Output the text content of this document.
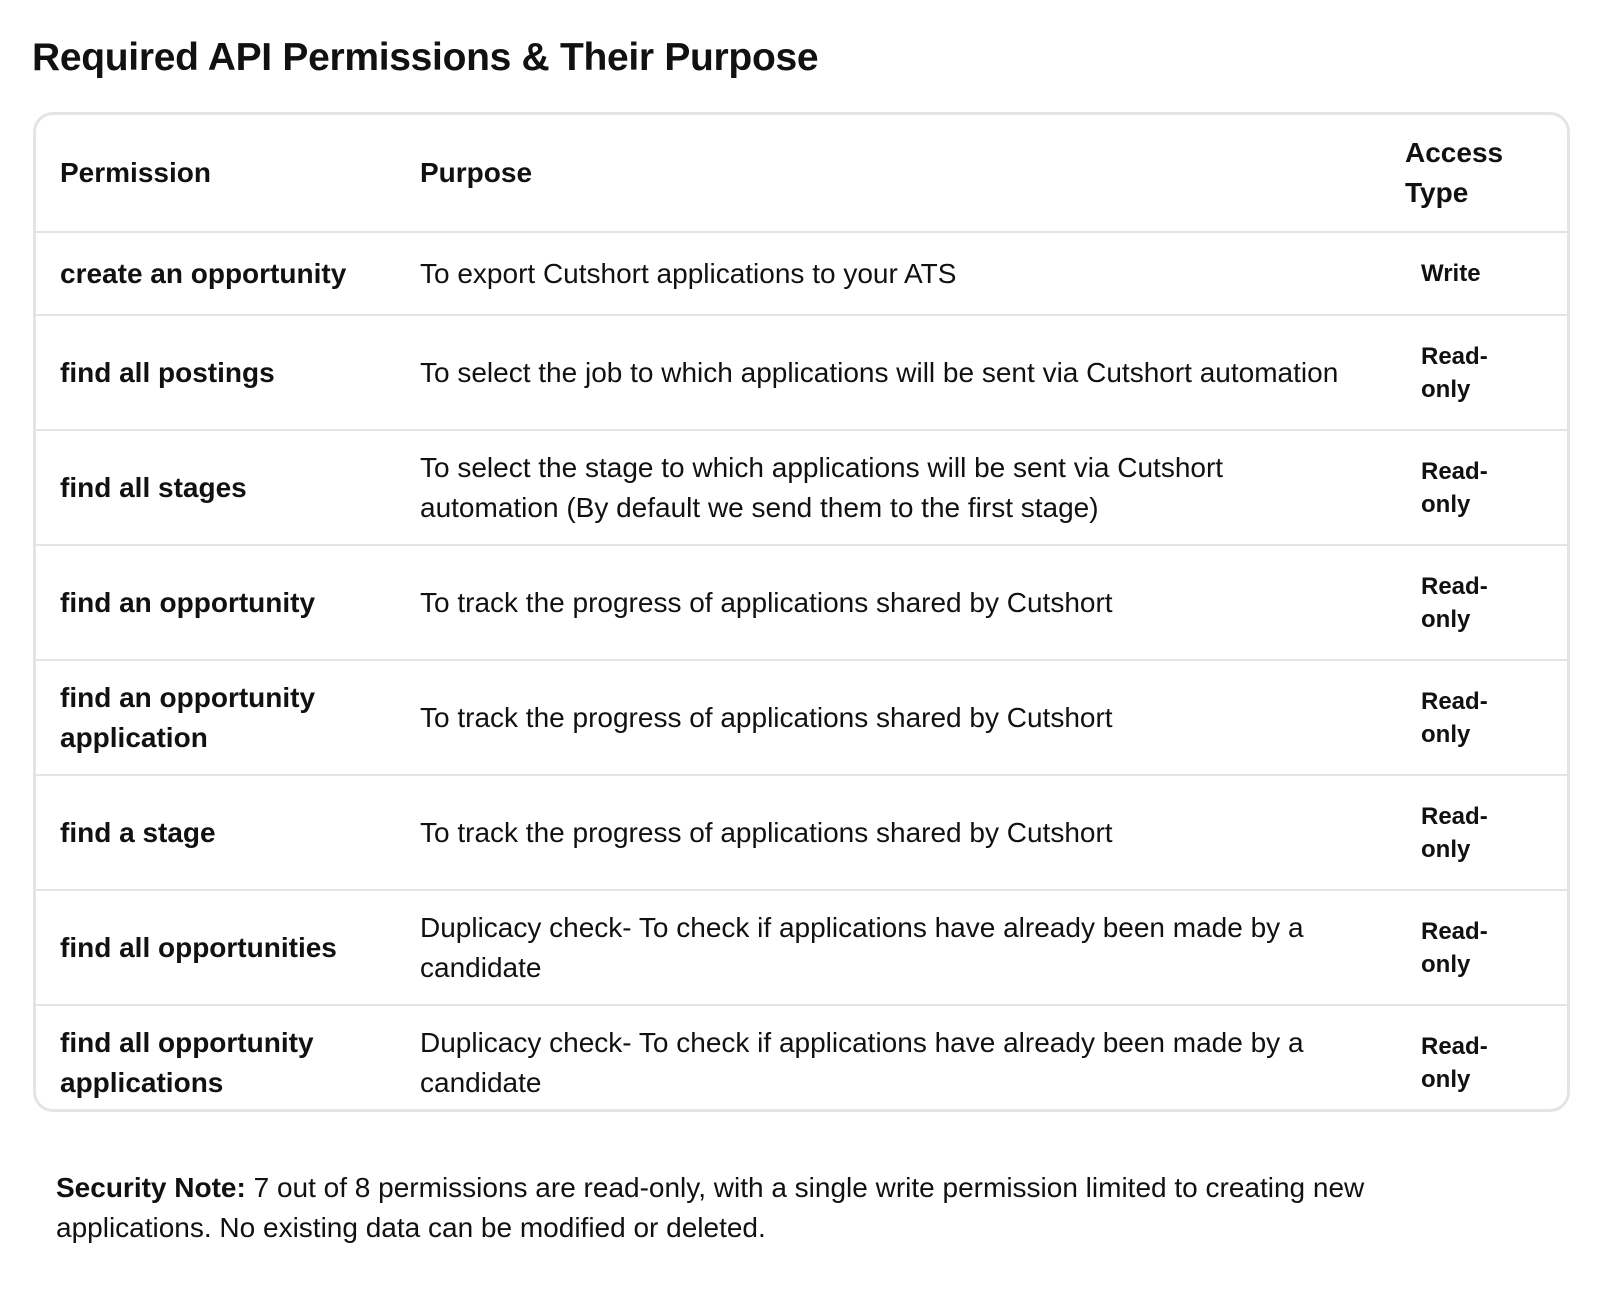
Required API Permissions & Their Purpose
Permission	Purpose	Access Type
create an opportunity	To export Cutshort applications to your ATS	Write
find all postings	To select the job to which applications will be sent via Cutshort automation	Read-only
find all stages	To select the stage to which applications will be sent via Cutshort automation (By default we send them to the first stage)	Read-only
find an opportunity	To track the progress of applications shared by Cutshort	Read-only
find an opportunity application	To track the progress of applications shared by Cutshort	Read-only
find a stage	To track the progress of applications shared by Cutshort	Read-only
find all opportunities	Duplicacy check- To check if applications have already been made by a candidate	Read-only
find all opportunity applications	Duplicacy check- To check if applications have already been made by a candidate	Read-only

Security Note: 7 out of 8 permissions are read-only, with a single write permission limited to creating new applications. No existing data can be modified or deleted.
